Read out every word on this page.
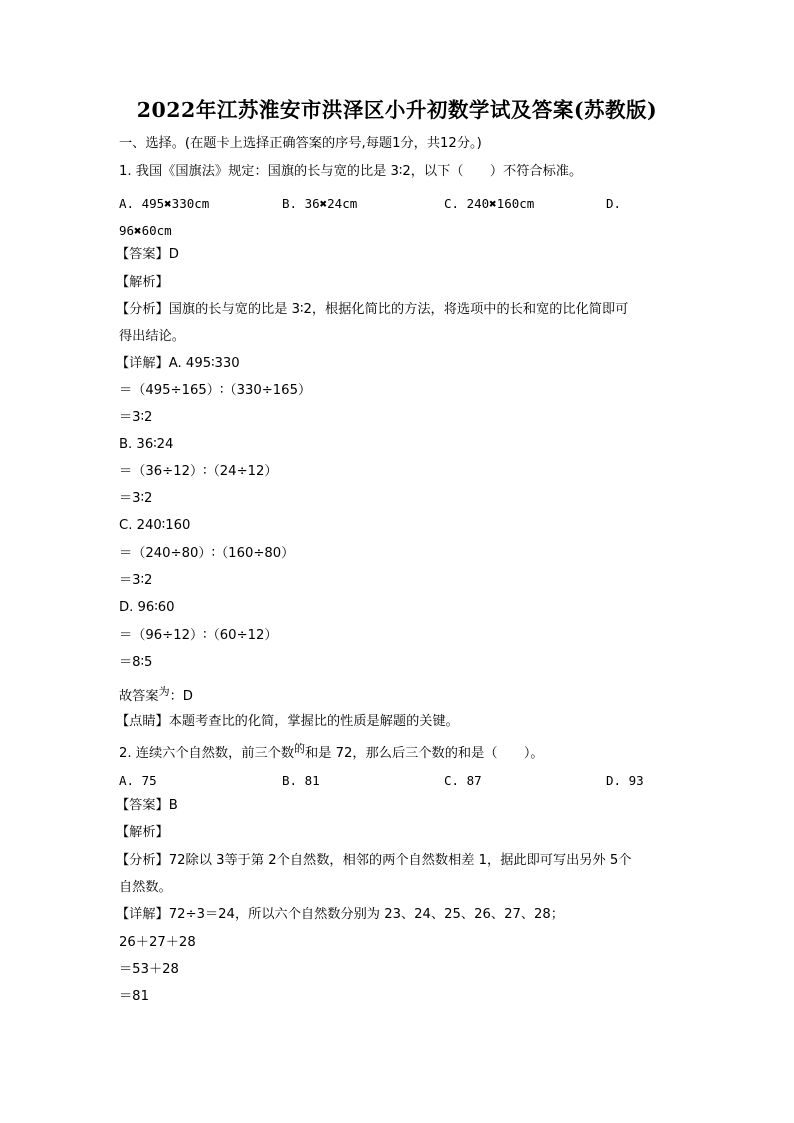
2022年江苏淮安市洪泽区小升初数学试及答案(苏教版)
一、选择。(在题卡上选择正确答案的序号,每题1分，共12分。)
1. 我国《国旗法》规定：国旗的长与宽的比是 3∶2，以下（　　）不符合标准。
A. 495✖330cm	B. 36✖24cm	C. 240✖160cm	D.
96✖60cm
【答案】D
【解析】
【分析】国旗的长与宽的比是 3∶2，根据化简比的方法，将选项中的长和宽的比化简即可
得出结论。
【详解】A. 495∶330
＝（495÷165）∶（330÷165）
＝3∶2
B. 36∶24
＝（36÷12）∶（24÷12）
＝3∶2
C. 240∶160
＝（240÷80）∶（160÷80）
＝3∶2
D. 96∶60
＝（96÷12）∶（60÷12）
＝8∶5
故答案$^为$：D
【点睛】本题考查比的化简，掌握比的性质是解题的关键。
2. 连续六个自然数，前三个数$^的$和是 72，那么后三个数的和是（　　）。
A. 75	B. 81	C. 87	D. 93
【答案】B
【解析】
【分析】72除以 3等于第 2个自然数，相邻的两个自然数相差 1，据此即可写出另外 5个
自然数。
【详解】72÷3＝24，所以六个自然数分别为 23、24、25、26、27、28；
26＋27＋28
＝53＋28
＝81
